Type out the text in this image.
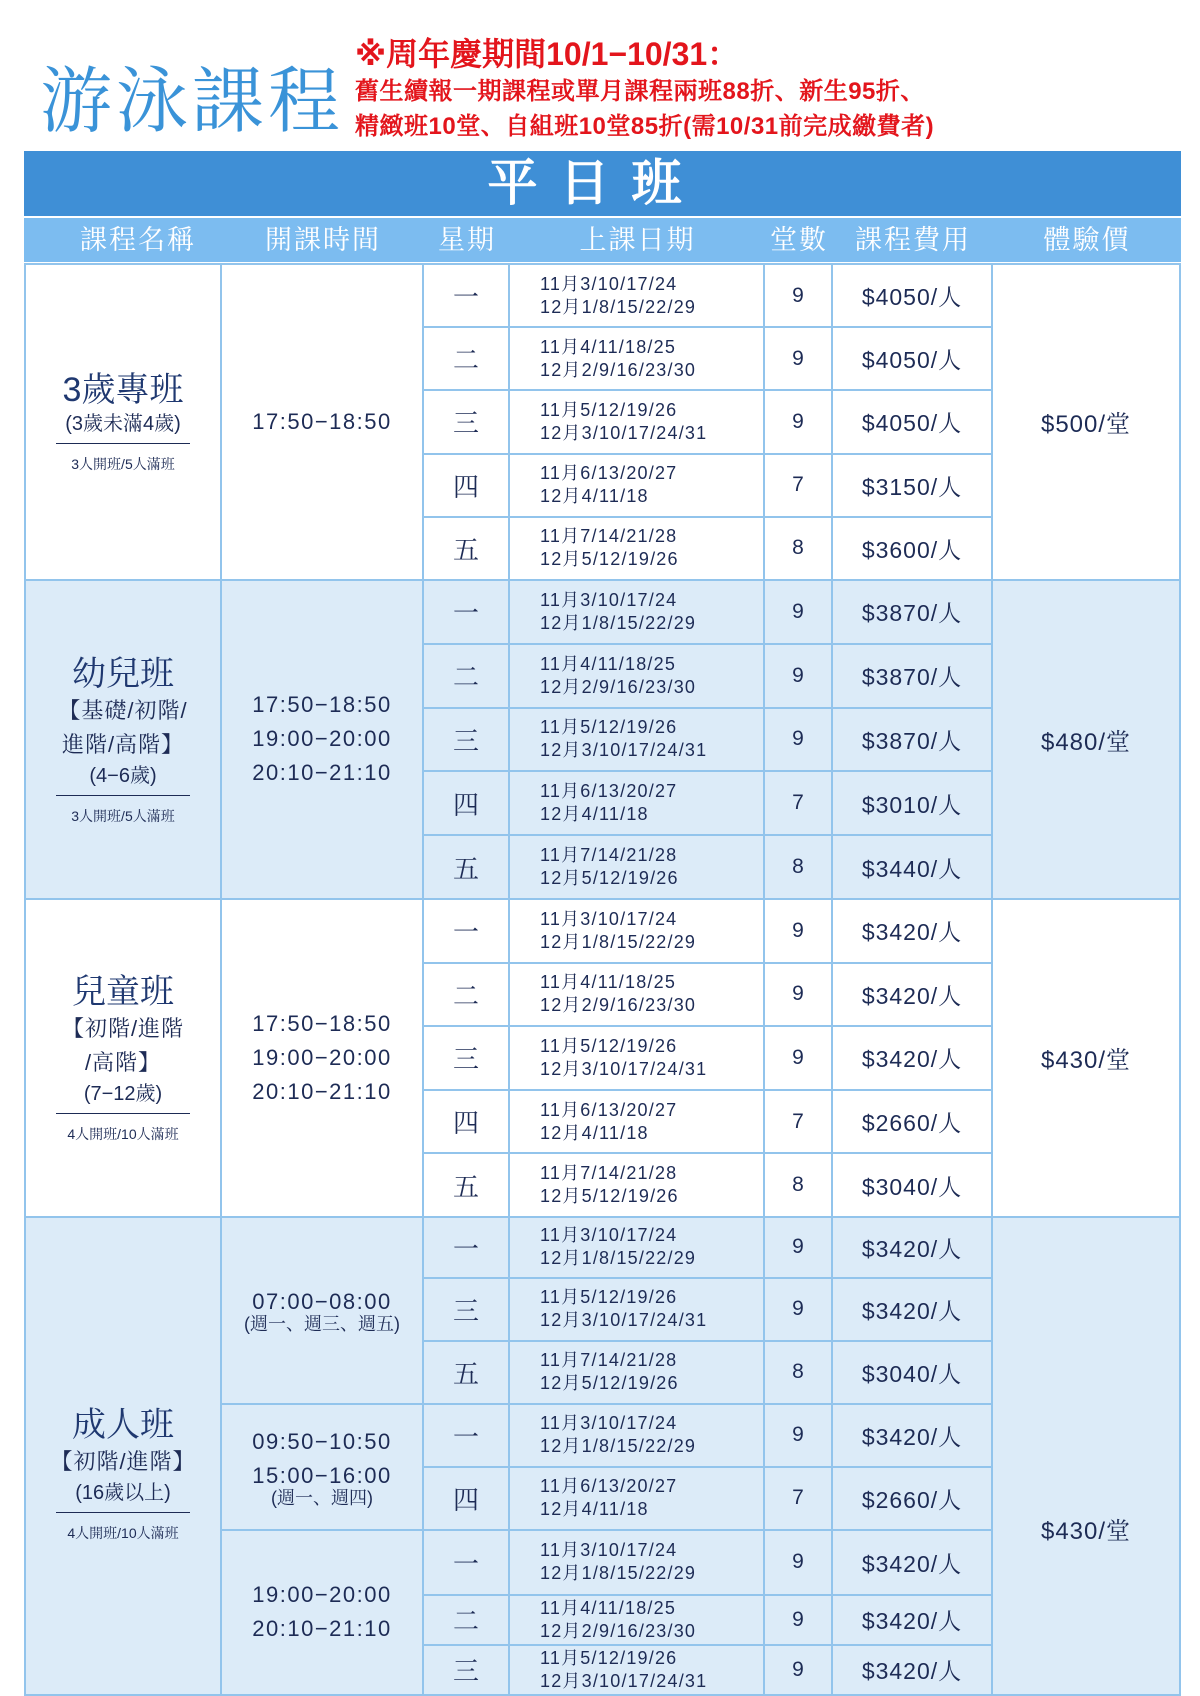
游泳課程
※周年慶期間10/1−10/31：
舊生續報一期課程或單月課程兩班88折、新生95折、
精緻班10堂、自組班10堂85折(需10/31前完成繳費者)
平日班
課程名稱	開課時間	星期	上課日期	堂數	課程費用	體驗價
3歲專班
(3歲未滿4歲)
3人開班/5人滿班
17:50−18:50
一	11月3/10/17/24
12月1/8/15/22/29	9	$4050/人
二	11月4/11/18/25
12月2/9/16/23/30	9	$4050/人
三	11月5/12/19/26
12月3/10/17/24/31	9	$4050/人
四	11月6/13/20/27
12月4/11/18	7	$3150/人
五	11月7/14/21/28
12月5/12/19/26	8	$3600/人
$500/堂
幼兒班
【基礎/初階/
進階/高階】
(4−6歲)
3人開班/5人滿班
17:50−18:50
19:00−20:00
20:10−21:10
一	11月3/10/17/24
12月1/8/15/22/29	9	$3870/人
二	11月4/11/18/25
12月2/9/16/23/30	9	$3870/人
三	11月5/12/19/26
12月3/10/17/24/31	9	$3870/人
四	11月6/13/20/27
12月4/11/18	7	$3010/人
五	11月7/14/21/28
12月5/12/19/26	8	$3440/人
$480/堂
兒童班
【初階/進階
/高階】
(7−12歲)
4人開班/10人滿班
17:50−18:50
19:00−20:00
20:10−21:10
一	11月3/10/17/24
12月1/8/15/22/29	9	$3420/人
二	11月4/11/18/25
12月2/9/16/23/30	9	$3420/人
三	11月5/12/19/26
12月3/10/17/24/31	9	$3420/人
四	11月6/13/20/27
12月4/11/18	7	$2660/人
五	11月7/14/21/28
12月5/12/19/26	8	$3040/人
$430/堂
成人班
【初階/進階】
(16歲以上)
4人開班/10人滿班
07:00−08:00
(週一、週三、週五)
一	11月3/10/17/24
12月1/8/15/22/29	9	$3420/人
三	11月5/12/19/26
12月3/10/17/24/31	9	$3420/人
五	11月7/14/21/28
12月5/12/19/26	8	$3040/人
09:50−10:50
15:00−16:00
(週一、週四)
一	11月3/10/17/24
12月1/8/15/22/29	9	$3420/人
四	11月6/13/20/27
12月4/11/18	7	$2660/人
19:00−20:00
20:10−21:10
一	11月3/10/17/24
12月1/8/15/22/29	9	$3420/人
二	11月4/11/18/25
12月2/9/16/23/30	9	$3420/人
三	11月5/12/19/26
12月3/10/17/24/31	9	$3420/人
$430/堂
